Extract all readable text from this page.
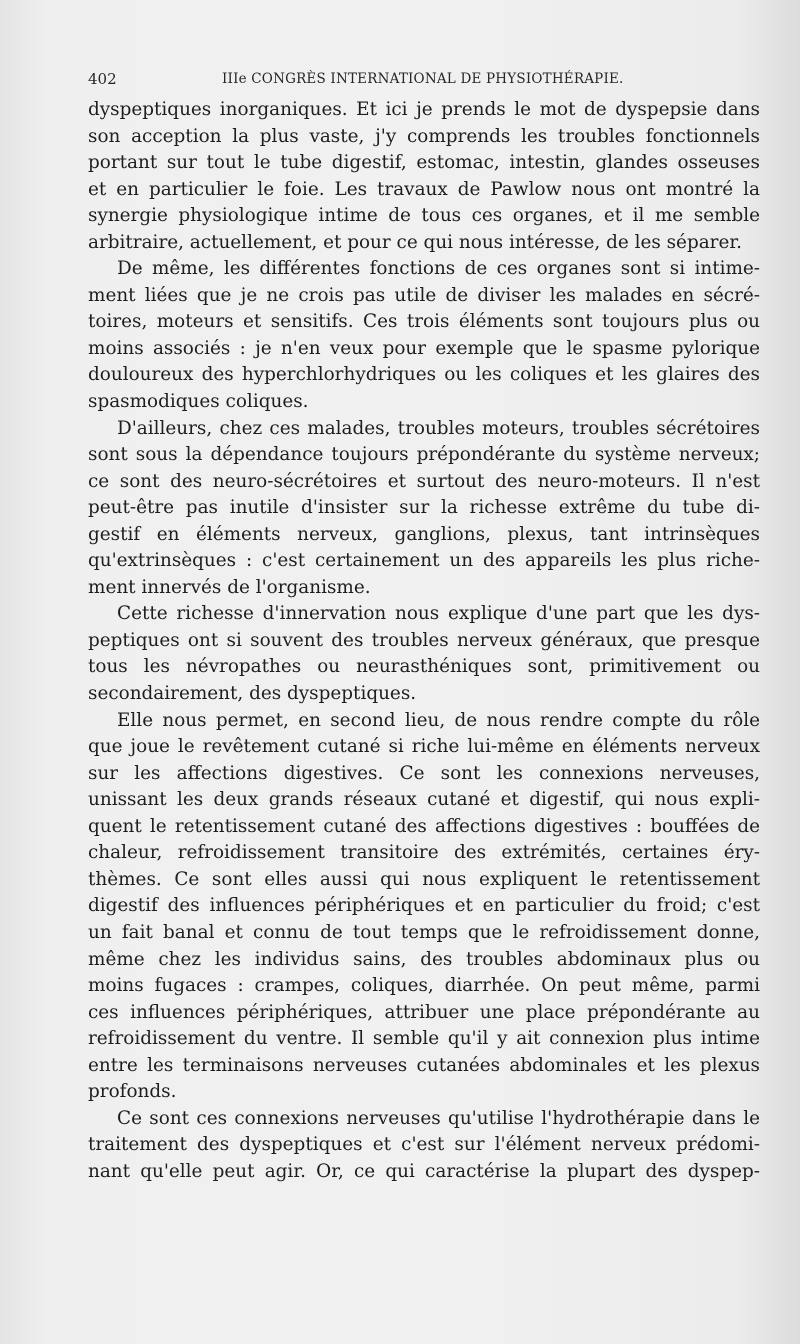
402	IIIe CONGRÈS INTERNATIONAL DE PHYSIOTHÉRAPIE.

dyspeptiques inorganiques. Et ici je prends le mot de dyspepsie dans
son acception la plus vaste, j'y comprends les troubles fonctionnels
portant sur tout le tube digestif, estomac, intestin, glandes osseuses
et en particulier le foie. Les travaux de Pawlow nous ont montré la
synergie physiologique intime de tous ces organes, et il me semble
arbitraire, actuellement, et pour ce qui nous intéresse, de les séparer.

De même, les différentes fonctions de ces organes sont si intime-
ment liées que je ne crois pas utile de diviser les malades en sécré-
toires, moteurs et sensitifs. Ces trois éléments sont toujours plus ou
moins associés : je n'en veux pour exemple que le spasme pylorique
douloureux des hyperchlorhydriques ou les coliques et les glaires des
spasmodiques coliques.

D'ailleurs, chez ces malades, troubles moteurs, troubles sécrétoires
sont sous la dépendance toujours prépondérante du système nerveux;
ce sont des neuro-sécrétoires et surtout des neuro-moteurs. Il n'est
peut-être pas inutile d'insister sur la richesse extrême du tube di-
gestif en éléments nerveux, ganglions, plexus, tant intrinsèques
qu'extrinsèques : c'est certainement un des appareils les plus riche-
ment innervés de l'organisme.

Cette richesse d'innervation nous explique d'une part que les dys-
peptiques ont si souvent des troubles nerveux généraux, que presque
tous les névropathes ou neurasthéniques sont, primitivement ou
secondairement, des dyspeptiques.

Elle nous permet, en second lieu, de nous rendre compte du rôle
que joue le revêtement cutané si riche lui-même en éléments nerveux
sur les affections digestives. Ce sont les connexions nerveuses,
unissant les deux grands réseaux cutané et digestif, qui nous expli-
quent le retentissement cutané des affections digestives : bouffées de
chaleur, refroidissement transitoire des extrémités, certaines éry-
thèmes. Ce sont elles aussi qui nous expliquent le retentissement
digestif des influences périphériques et en particulier du froid; c'est
un fait banal et connu de tout temps que le refroidissement donne,
même chez les individus sains, des troubles abdominaux plus ou
moins fugaces : crampes, coliques, diarrhée. On peut même, parmi
ces influences périphériques, attribuer une place prépondérante au
refroidissement du ventre. Il semble qu'il y ait connexion plus intime
entre les terminaisons nerveuses cutanées abdominales et les plexus
profonds.

Ce sont ces connexions nerveuses qu'utilise l'hydrothérapie dans le
traitement des dyspeptiques et c'est sur l'élément nerveux prédomi-
nant qu'elle peut agir. Or, ce qui caractérise la plupart des dyspep-
